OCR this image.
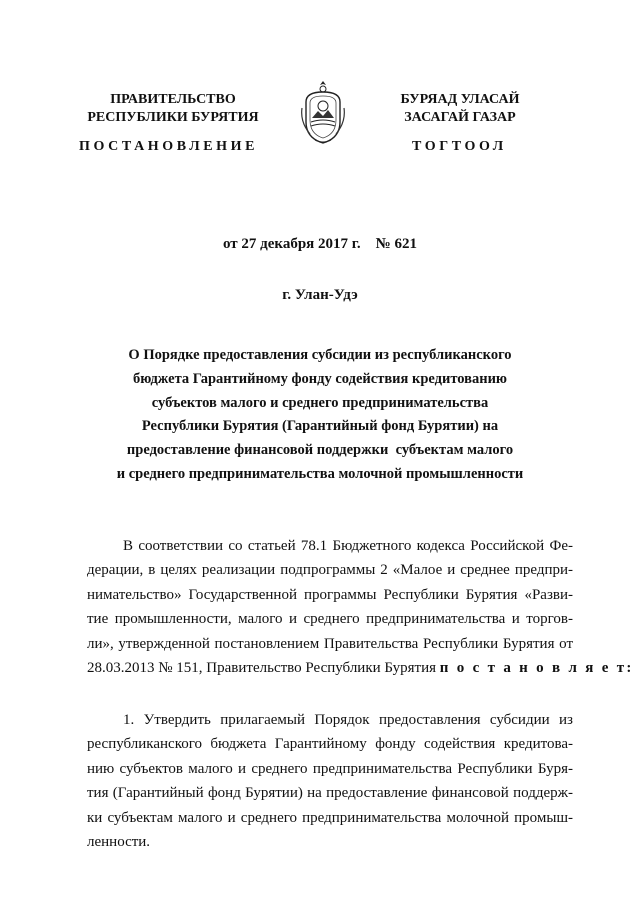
ПРАВИТЕЛЬСТВО
РЕСПУБЛИКИ БУРЯТИЯ
БУРЯАД УЛАСАЙ
ЗАСАГАЙ ГАЗАР
ПОСТАНОВЛЕНИЕ	ТОГТООЛ
от 27 декабря 2017 г.    № 621
г. Улан-Удэ
О Порядке предоставления субсидии из республиканского
бюджета Гарантийному фонду содействия кредитованию
субъектов малого и среднего предпринимательства
Республики Бурятия (Гарантийный фонд Бурятии) на
предоставление финансовой поддержки  субъектам малого
и среднего предпринимательства молочной промышленности
В соответствии со статьей 78.1 Бюджетного кодекса Российской Фе-
дерации, в целях реализации подпрограммы 2 «Малое и среднее предпри-
нимательство» Государственной программы Республики Бурятия «Разви-
тие промышленности, малого и среднего предпринимательства и торгов-
ли», утвержденной постановлением Правительства Республики Бурятия от
28.03.2013 № 151, Правительство Республики Бурятия п о с т а н о в л я е т:
1. Утвердить прилагаемый Порядок предоставления субсидии из
республиканского бюджета Гарантийному фонду содействия кредитова-
нию субъектов малого и среднего предпринимательства Республики Буря-
тия (Гарантийный фонд Бурятии) на предоставление финансовой поддерж-
ки субъектам малого и среднего предпринимательства молочной промыш-
ленности.
